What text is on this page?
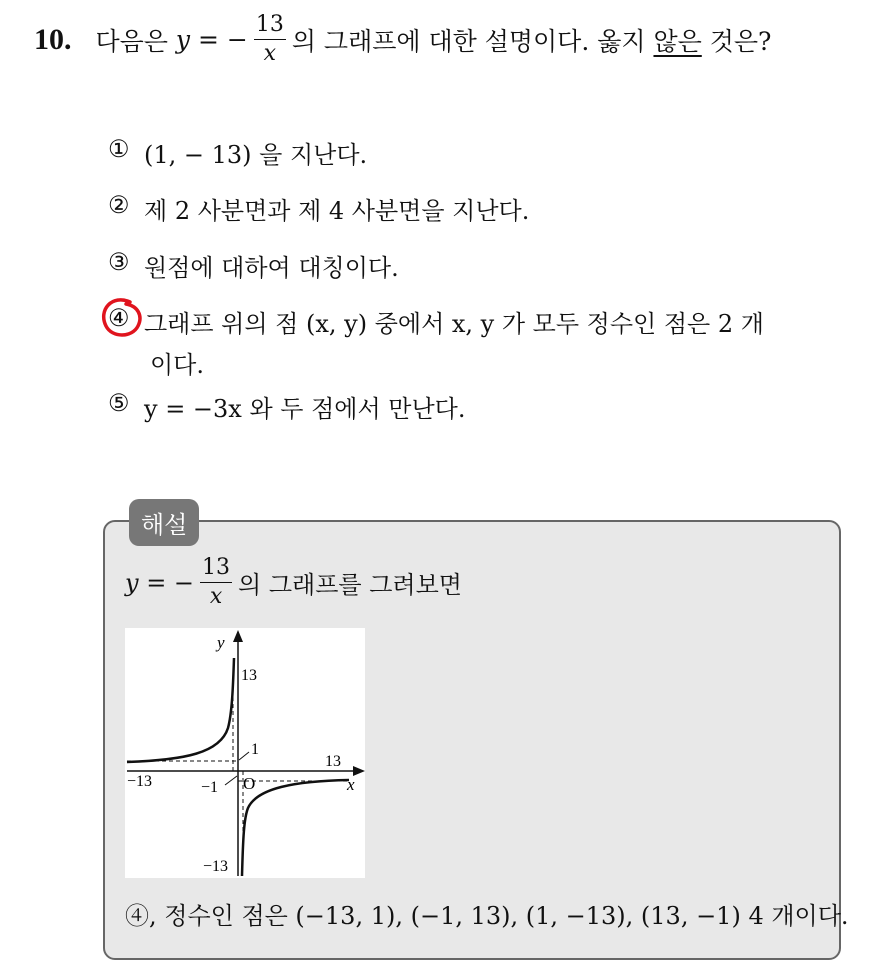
10. 다음은
y = − $\frac{13}{x}$ 의 그래프에 대한 설명이다. 옳지
않은
것은?
① (1, − 13) 을 지난다.
② 제 2 사분면과 제 4 사분면을 지난다.
③ 원점에 대하여 대칭이다.
④ 그래프 위의 점 (x, y) 중에서 x, y 가 모두 정수인 점은 2 개
이다.
⑤ y = −3x 와 두 점에서 만난다.
해설
y = − $\frac{13}{x}$ 의 그래프를 그려보면
y
x
13
−13
−13
13
O
1
−1
④, 정수인 점은 (−13, 1), (−1, 13), (1, −13), (13, −1) 4 개이다.
